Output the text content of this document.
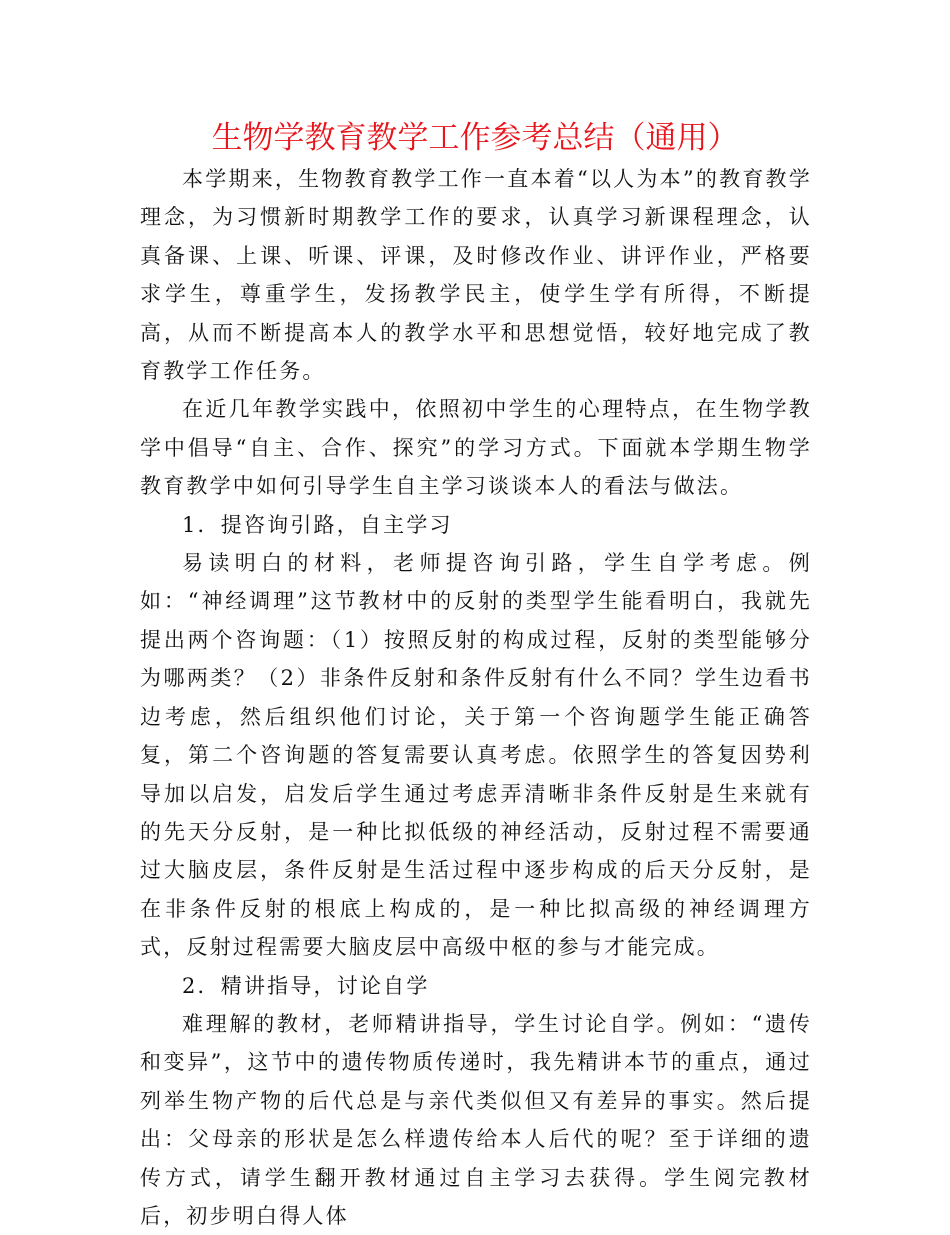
生物学教育教学工作参考总结（通用）

本学期来，生物教育教学工作一直本着“以人为本”的教育教学理念，为习惯新时期教学工作的要求，认真学习新课程理念，认真备课、上课、听课、评课，及时修改作业、讲评作业，严格要求学生，尊重学生，发扬教学民主，使学生学有所得，不断提高，从而不断提高本人的教学水平和思想觉悟，较好地完成了教育教学工作任务。

在近几年教学实践中，依照初中学生的心理特点，在生物学教学中倡导“自主、合作、探究”的学习方式。下面就本学期生物学教育教学中如何引导学生自主学习谈谈本人的看法与做法。

1．提咨询引路，自主学习

易读明白的材料，老师提咨询引路，学生自学考虑。例如：“神经调理”这节教材中的反射的类型学生能看明白，我就先提出两个咨询题：（1）按照反射的构成过程，反射的类型能够分为哪两类？（2）非条件反射和条件反射有什么不同？学生边看书边考虑，然后组织他们讨论，关于第一个咨询题学生能正确答复，第二个咨询题的答复需要认真考虑。依照学生的答复因势利导加以启发，启发后学生通过考虑弄清晰非条件反射是生来就有的先天分反射，是一种比拟低级的神经活动，反射过程不需要通过大脑皮层，条件反射是生活过程中逐步构成的后天分反射，是在非条件反射的根底上构成的，是一种比拟高级的神经调理方式，反射过程需要大脑皮层中高级中枢的参与才能完成。

2．精讲指导，讨论自学

难理解的教材，老师精讲指导，学生讨论自学。例如：“遗传和变异”，这节中的遗传物质传递时，我先精讲本节的重点，通过列举生物产物的后代总是与亲代类似但又有差异的事实。然后提出：父母亲的形状是怎么样遗传给本人后代的呢？至于详细的遗传方式，请学生翻开教材通过自主学习去获得。学生阅完教材后，初步明白得人体
